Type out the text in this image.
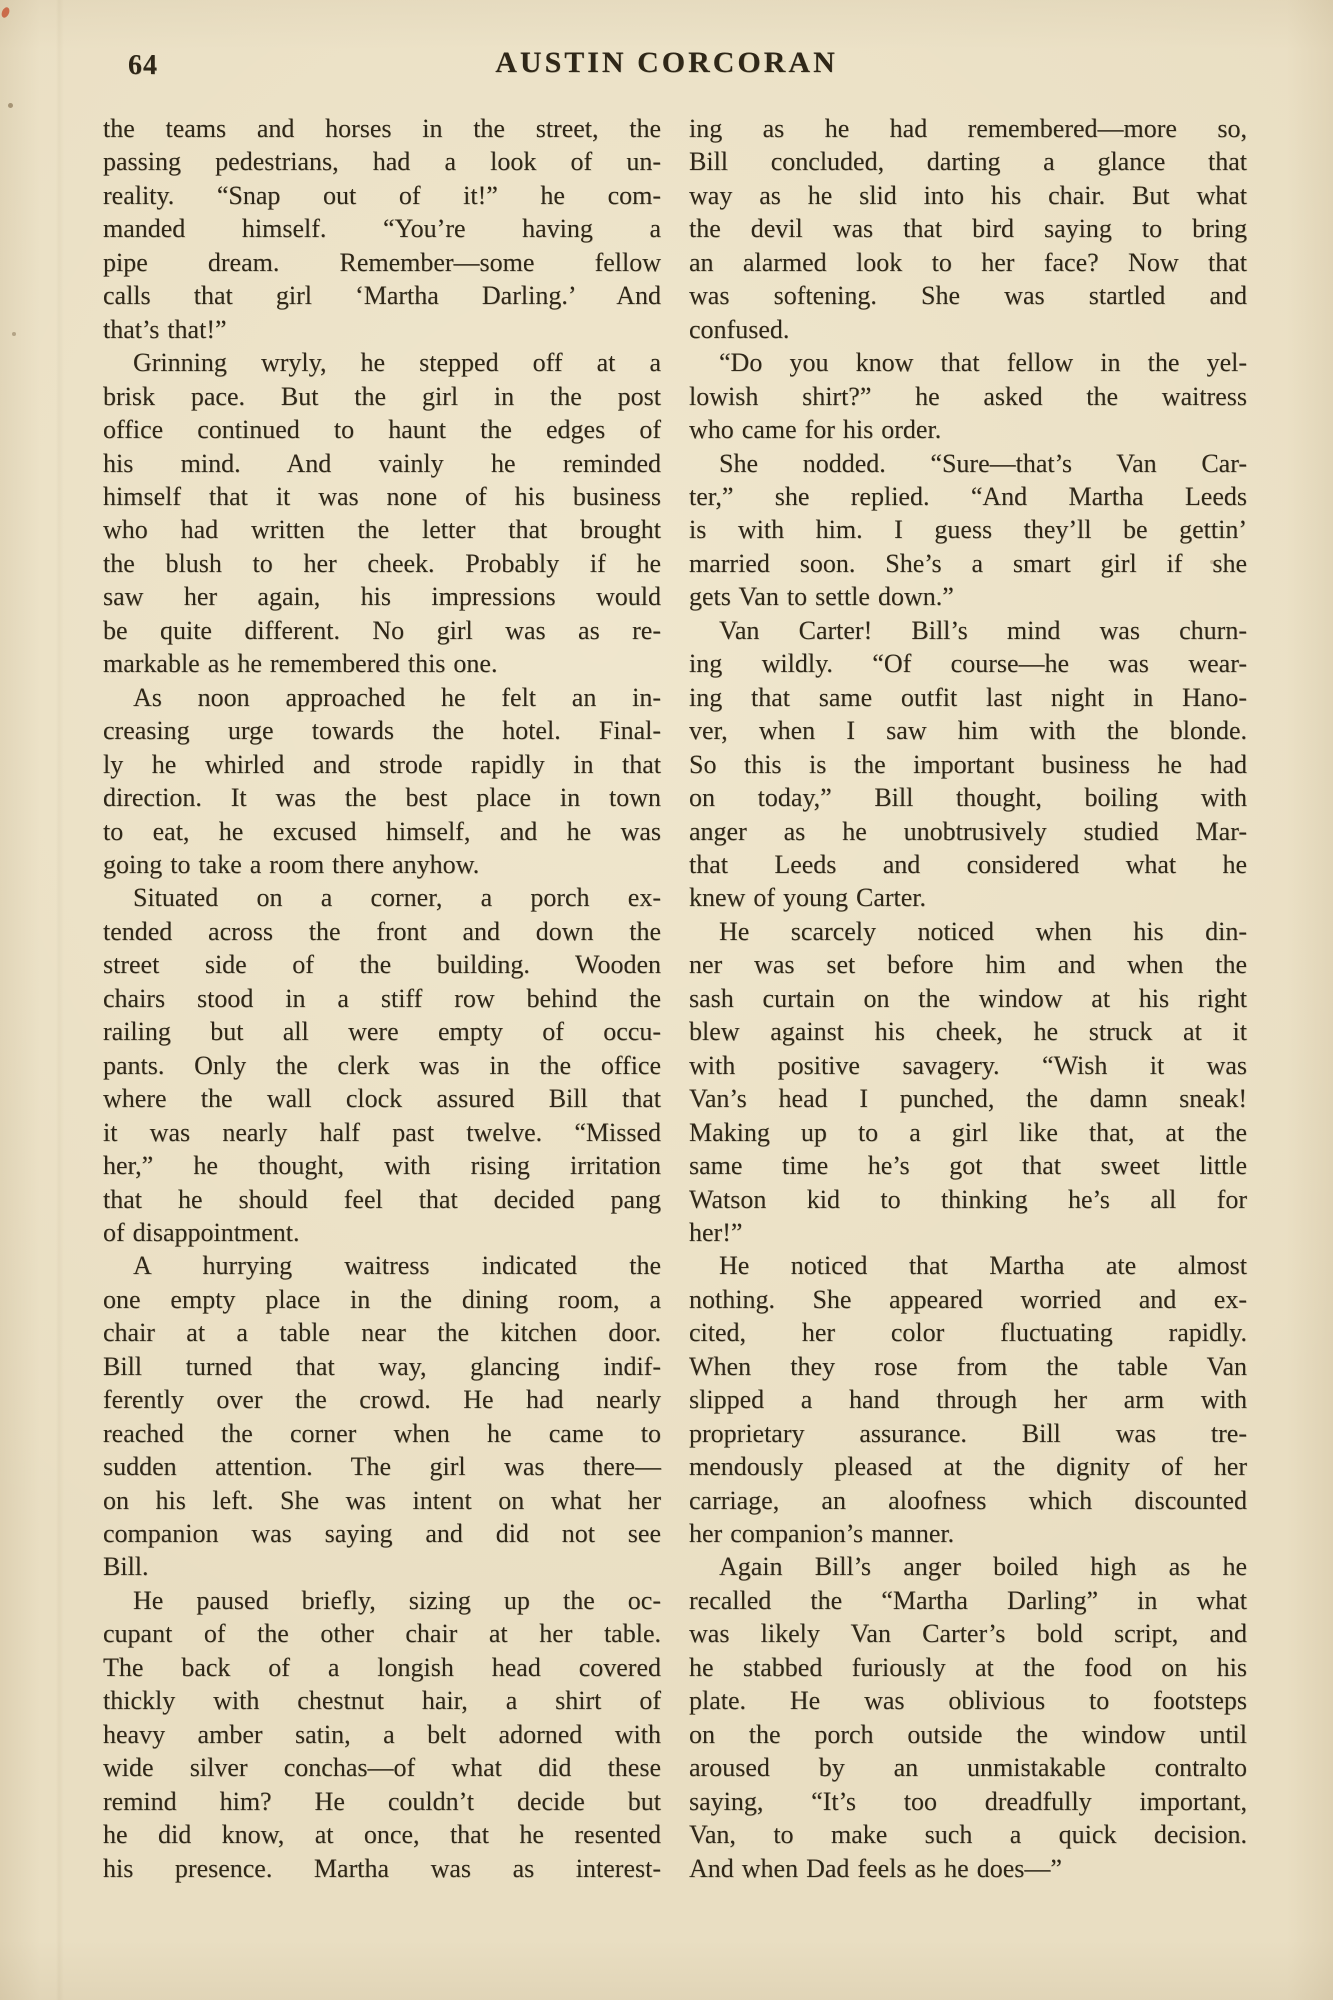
64	AUSTIN CORCORAN
the teams and horses in the street, the
passing pedestrians, had a look of un-
reality. “Snap out of it!” he com-
manded himself. “You’re having a
pipe dream. Remember—some fellow
calls that girl ‘Martha Darling.’ And
that’s that!”
Grinning wryly, he stepped off at a
brisk pace. But the girl in the post
office continued to haunt the edges of
his mind. And vainly he reminded
himself that it was none of his business
who had written the letter that brought
the blush to her cheek. Probably if he
saw her again, his impressions would
be quite different. No girl was as re-
markable as he remembered this one.
As noon approached he felt an in-
creasing urge towards the hotel. Final-
ly he whirled and strode rapidly in that
direction. It was the best place in town
to eat, he excused himself, and he was
going to take a room there anyhow.
Situated on a corner, a porch ex-
tended across the front and down the
street side of the building. Wooden
chairs stood in a stiff row behind the
railing but all were empty of occu-
pants. Only the clerk was in the office
where the wall clock assured Bill that
it was nearly half past twelve. “Missed
her,” he thought, with rising irritation
that he should feel that decided pang
of disappointment.
A hurrying waitress indicated the
one empty place in the dining room, a
chair at a table near the kitchen door.
Bill turned that way, glancing indif-
ferently over the crowd. He had nearly
reached the corner when he came to
sudden attention. The girl was there—
on his left. She was intent on what her
companion was saying and did not see
Bill.
He paused briefly, sizing up the oc-
cupant of the other chair at her table.
The back of a longish head covered
thickly with chestnut hair, a shirt of
heavy amber satin, a belt adorned with
wide silver conchas—of what did these
remind him? He couldn’t decide but
he did know, at once, that he resented
his presence. Martha was as interest-
ing as he had remembered—more so,
Bill concluded, darting a glance that
way as he slid into his chair. But what
the devil was that bird saying to bring
an alarmed look to her face? Now that
was softening. She was startled and
confused.
“Do you know that fellow in the yel-
lowish shirt?” he asked the waitress
who came for his order.
She nodded. “Sure—that’s Van Car-
ter,” she replied. “And Martha Leeds
is with him. I guess they’ll be gettin’
married soon. She’s a smart girl if she
gets Van to settle down.”
Van Carter! Bill’s mind was churn-
ing wildly. “Of course—he was wear-
ing that same outfit last night in Hano-
ver, when I saw him with the blonde.
So this is the important business he had
on today,” Bill thought, boiling with
anger as he unobtrusively studied Mar-
that Leeds and considered what he
knew of young Carter.
He scarcely noticed when his din-
ner was set before him and when the
sash curtain on the window at his right
blew against his cheek, he struck at it
with positive savagery. “Wish it was
Van’s head I punched, the damn sneak!
Making up to a girl like that, at the
same time he’s got that sweet little
Watson kid to thinking he’s all for
her!”
He noticed that Martha ate almost
nothing. She appeared worried and ex-
cited, her color fluctuating rapidly.
When they rose from the table Van
slipped a hand through her arm with
proprietary assurance. Bill was tre-
mendously pleased at the dignity of her
carriage, an aloofness which discounted
her companion’s manner.
Again Bill’s anger boiled high as he
recalled the “Martha Darling” in what
was likely Van Carter’s bold script, and
he stabbed furiously at the food on his
plate. He was oblivious to footsteps
on the porch outside the window until
aroused by an unmistakable contralto
saying, “It’s too dreadfully important,
Van, to make such a quick decision.
And when Dad feels as he does—”
